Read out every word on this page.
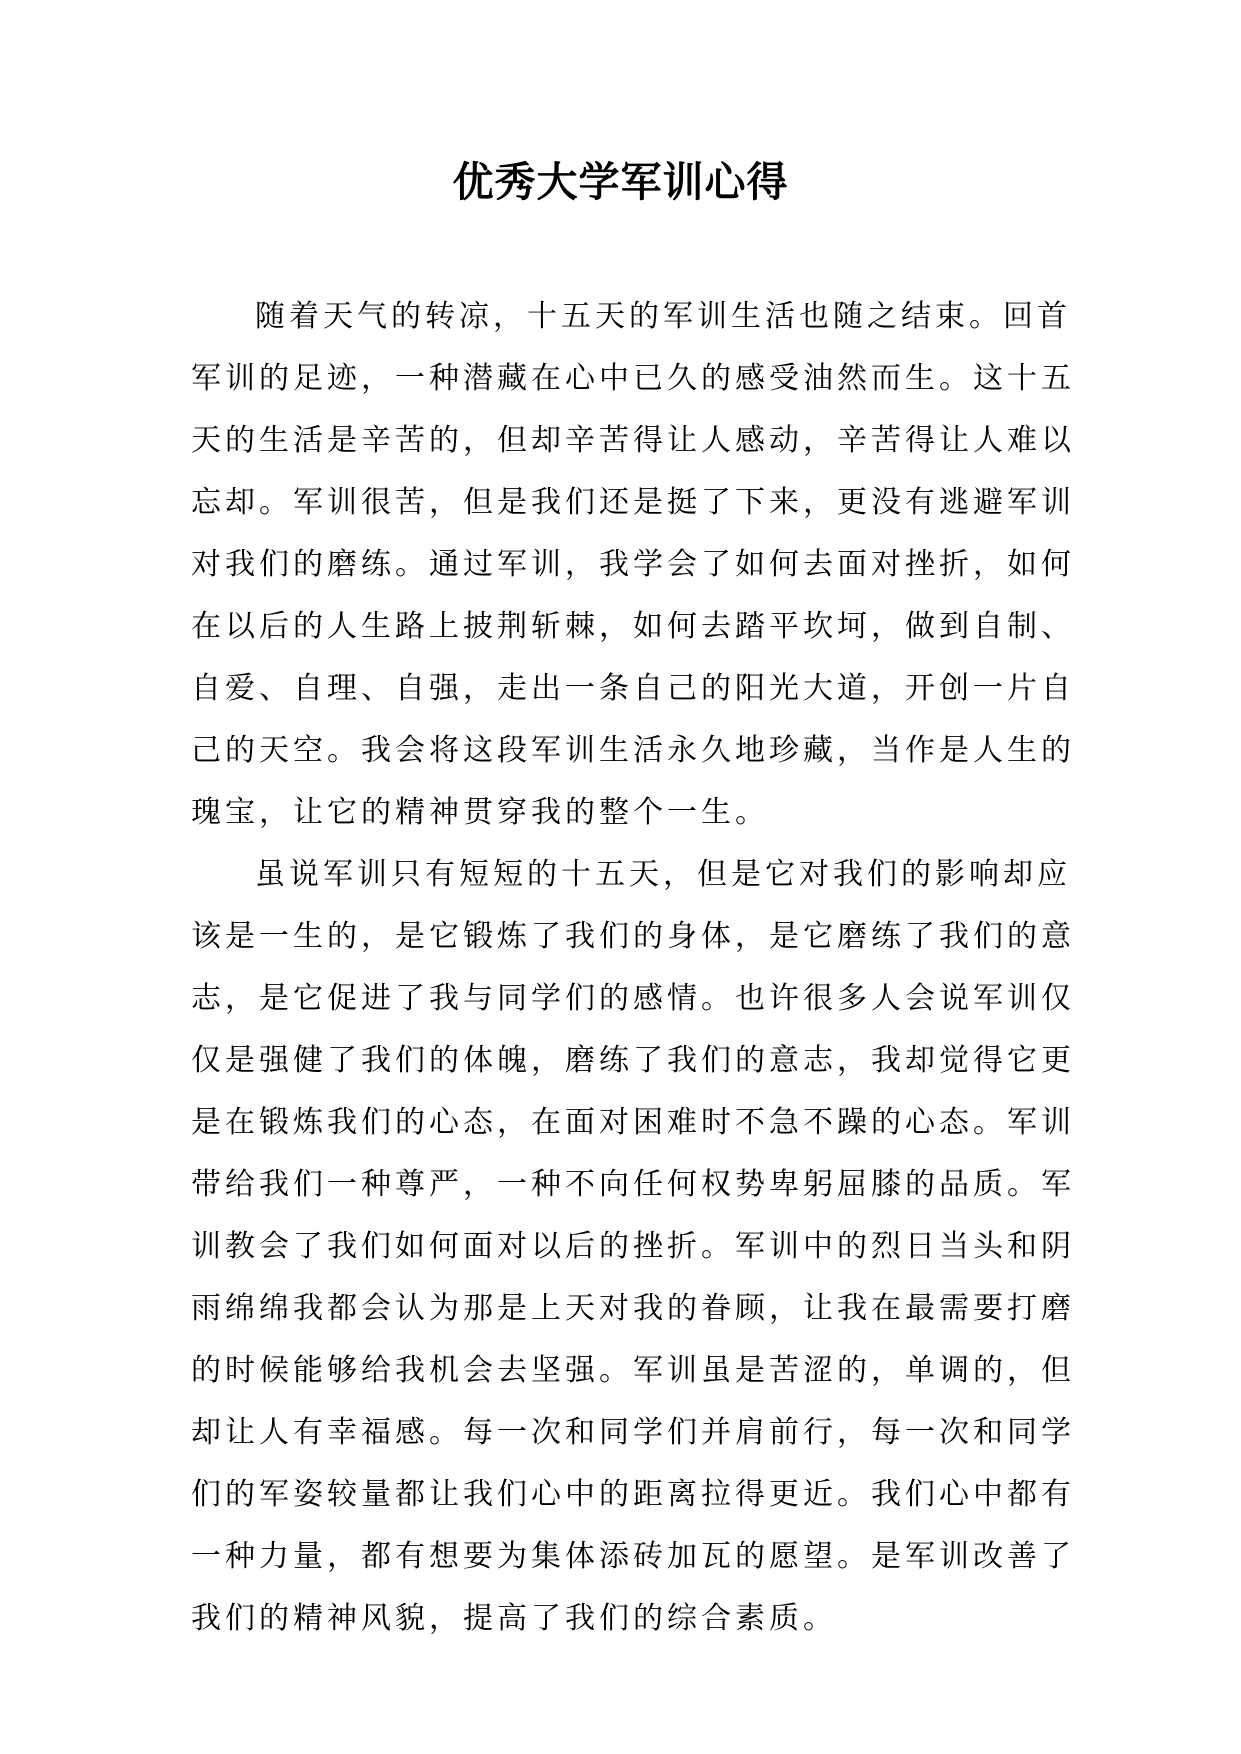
优秀大学军训心得

随着天气的转凉，十五天的军训生活也随之结束。回首
军训的足迹，一种潜藏在心中已久的感受油然而生。这十五
天的生活是辛苦的，但却辛苦得让人感动，辛苦得让人难以
忘却。军训很苦，但是我们还是挺了下来，更没有逃避军训
对我们的磨练。通过军训，我学会了如何去面对挫折，如何
在以后的人生路上披荆斩棘，如何去踏平坎坷，做到自制、
自爱、自理、自强，走出一条自己的阳光大道，开创一片自
己的天空。我会将这段军训生活永久地珍藏，当作是人生的
瑰宝，让它的精神贯穿我的整个一生。

虽说军训只有短短的十五天，但是它对我们的影响却应
该是一生的，是它锻炼了我们的身体，是它磨练了我们的意
志，是它促进了我与同学们的感情。也许很多人会说军训仅
仅是强健了我们的体魄，磨练了我们的意志，我却觉得它更
是在锻炼我们的心态，在面对困难时不急不躁的心态。军训
带给我们一种尊严，一种不向任何权势卑躬屈膝的品质。军
训教会了我们如何面对以后的挫折。军训中的烈日当头和阴
雨绵绵我都会认为那是上天对我的眷顾，让我在最需要打磨
的时候能够给我机会去坚强。军训虽是苦涩的，单调的，但
却让人有幸福感。每一次和同学们并肩前行，每一次和同学
们的军姿较量都让我们心中的距离拉得更近。我们心中都有
一种力量，都有想要为集体添砖加瓦的愿望。是军训改善了
我们的精神风貌，提高了我们的综合素质。
